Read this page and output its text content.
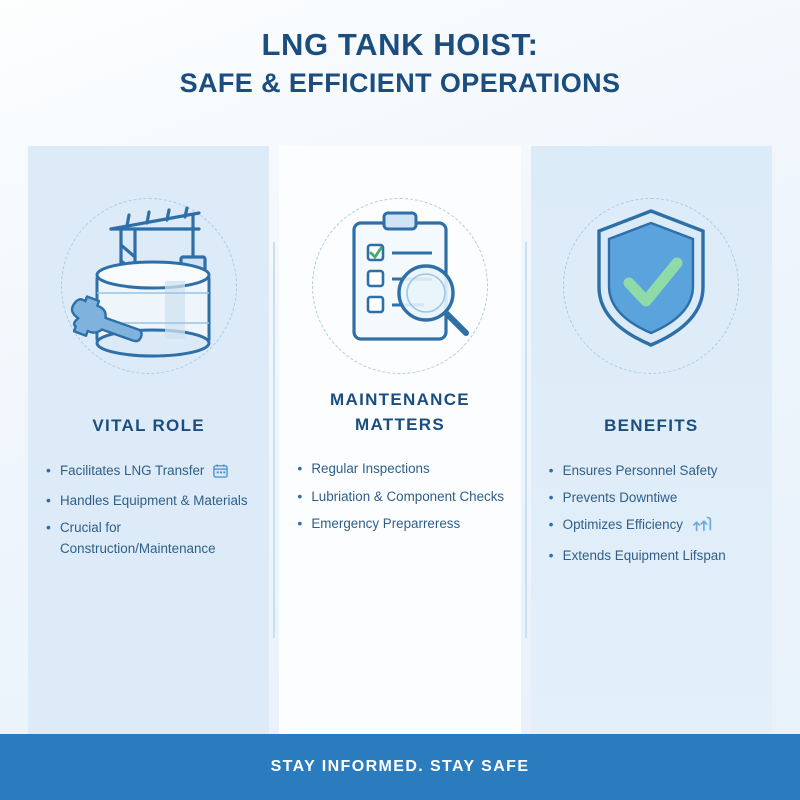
LNG TANK HOIST:
SAFE & EFFICIENT OPERATIONS
VITAL ROLE
• Facilitates LNG Transfer
• Handles Equipment & Materials
• Crucial for Construction/Maintenance
MAINTENANCE MATTERS
• Regular Inspections
• Lubriation & Component Checks
• Emergency Preparreress
BENEFITS
• Ensures Personnel Safety
• Prevents Downtiwe
• Optimizes Efficiency
• Extends Equipment Lifspan
STAY INFORMED. STAY SAFE
